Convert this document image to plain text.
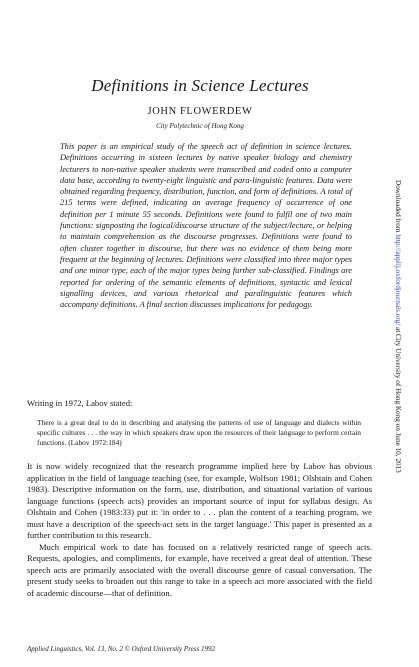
Definitions in Science Lectures
JOHN FLOWERDEW
City Polytechnic of Hong Kong
This paper is an empirical study of the speech act of definition in science lectures. Definitions occurring in sixteen lectures by native speaker biology and chemistry lecturers to non-native speaker students were transcribed and coded onto a computer data base, according to twenty-eight linguistic and para-linguistic features. Data were obtained regarding frequency, distribution, function, and form of definitions. A total of 215 terms were defined, indicating an average frequency of occurrence of one definition per 1 minute 55 seconds. Definitions were found to fulfil one of two main functions: signposting the logical/discourse structure of the subject/lecture, or helping to maintain comprehension as the discourse progresses. Definitions were found to often cluster together in discourse, but there was no evidence of them being more frequent at the beginning of lectures. Definitions were classified into three major types and one minor type, each of the major types being further sub-classified. Findings are reported for ordering of the semantic elements of definitions, syntactic and lexical signalling devices, and various rhetorical and paralinguistic features which accompany definitions. A final section discusses implications for pedagogy.
Writing in 1972, Labov stated:
There is a great deal to do in describing and analysing the patterns of use of language and dialects within specific cultures . . . the way in which speakers draw upon the resources of their language to perform certain functions. (Labov 1972:184)

It is now widely recognized that the research programme implied here by Labov has obvious application in the field of language teaching (see, for example, Wolfson 1981; Olshtain and Cohen 1983). Descriptive information on the form, use, distribution, and situational variation of various language functions (speech acts) provides an important source of input for syllabus design. As Olshtain and Cohen (1983:33) put it: 'in order to . . . plan the content of a teaching program, we must have a description of the speech-act sets in the target language.' This paper is presented as a further contribution to this research.

Much empirical work to date has focused on a relatively restricted range of speech acts. Requests, apologies, and compliments, for example, have received a great deal of attention. These speech acts are primarily associated with the overall discourse genre of casual conversation. The present study seeks to broaden out this range to take in a speech act more associated with the field of academic discourse—that of definition.

Applied Linguistics, Vol. 13, No. 2 © Oxford University Press 1992
Downloaded from http://applij.oxfordjournals.org/ at City University of Hong Kong on June 10, 2013
